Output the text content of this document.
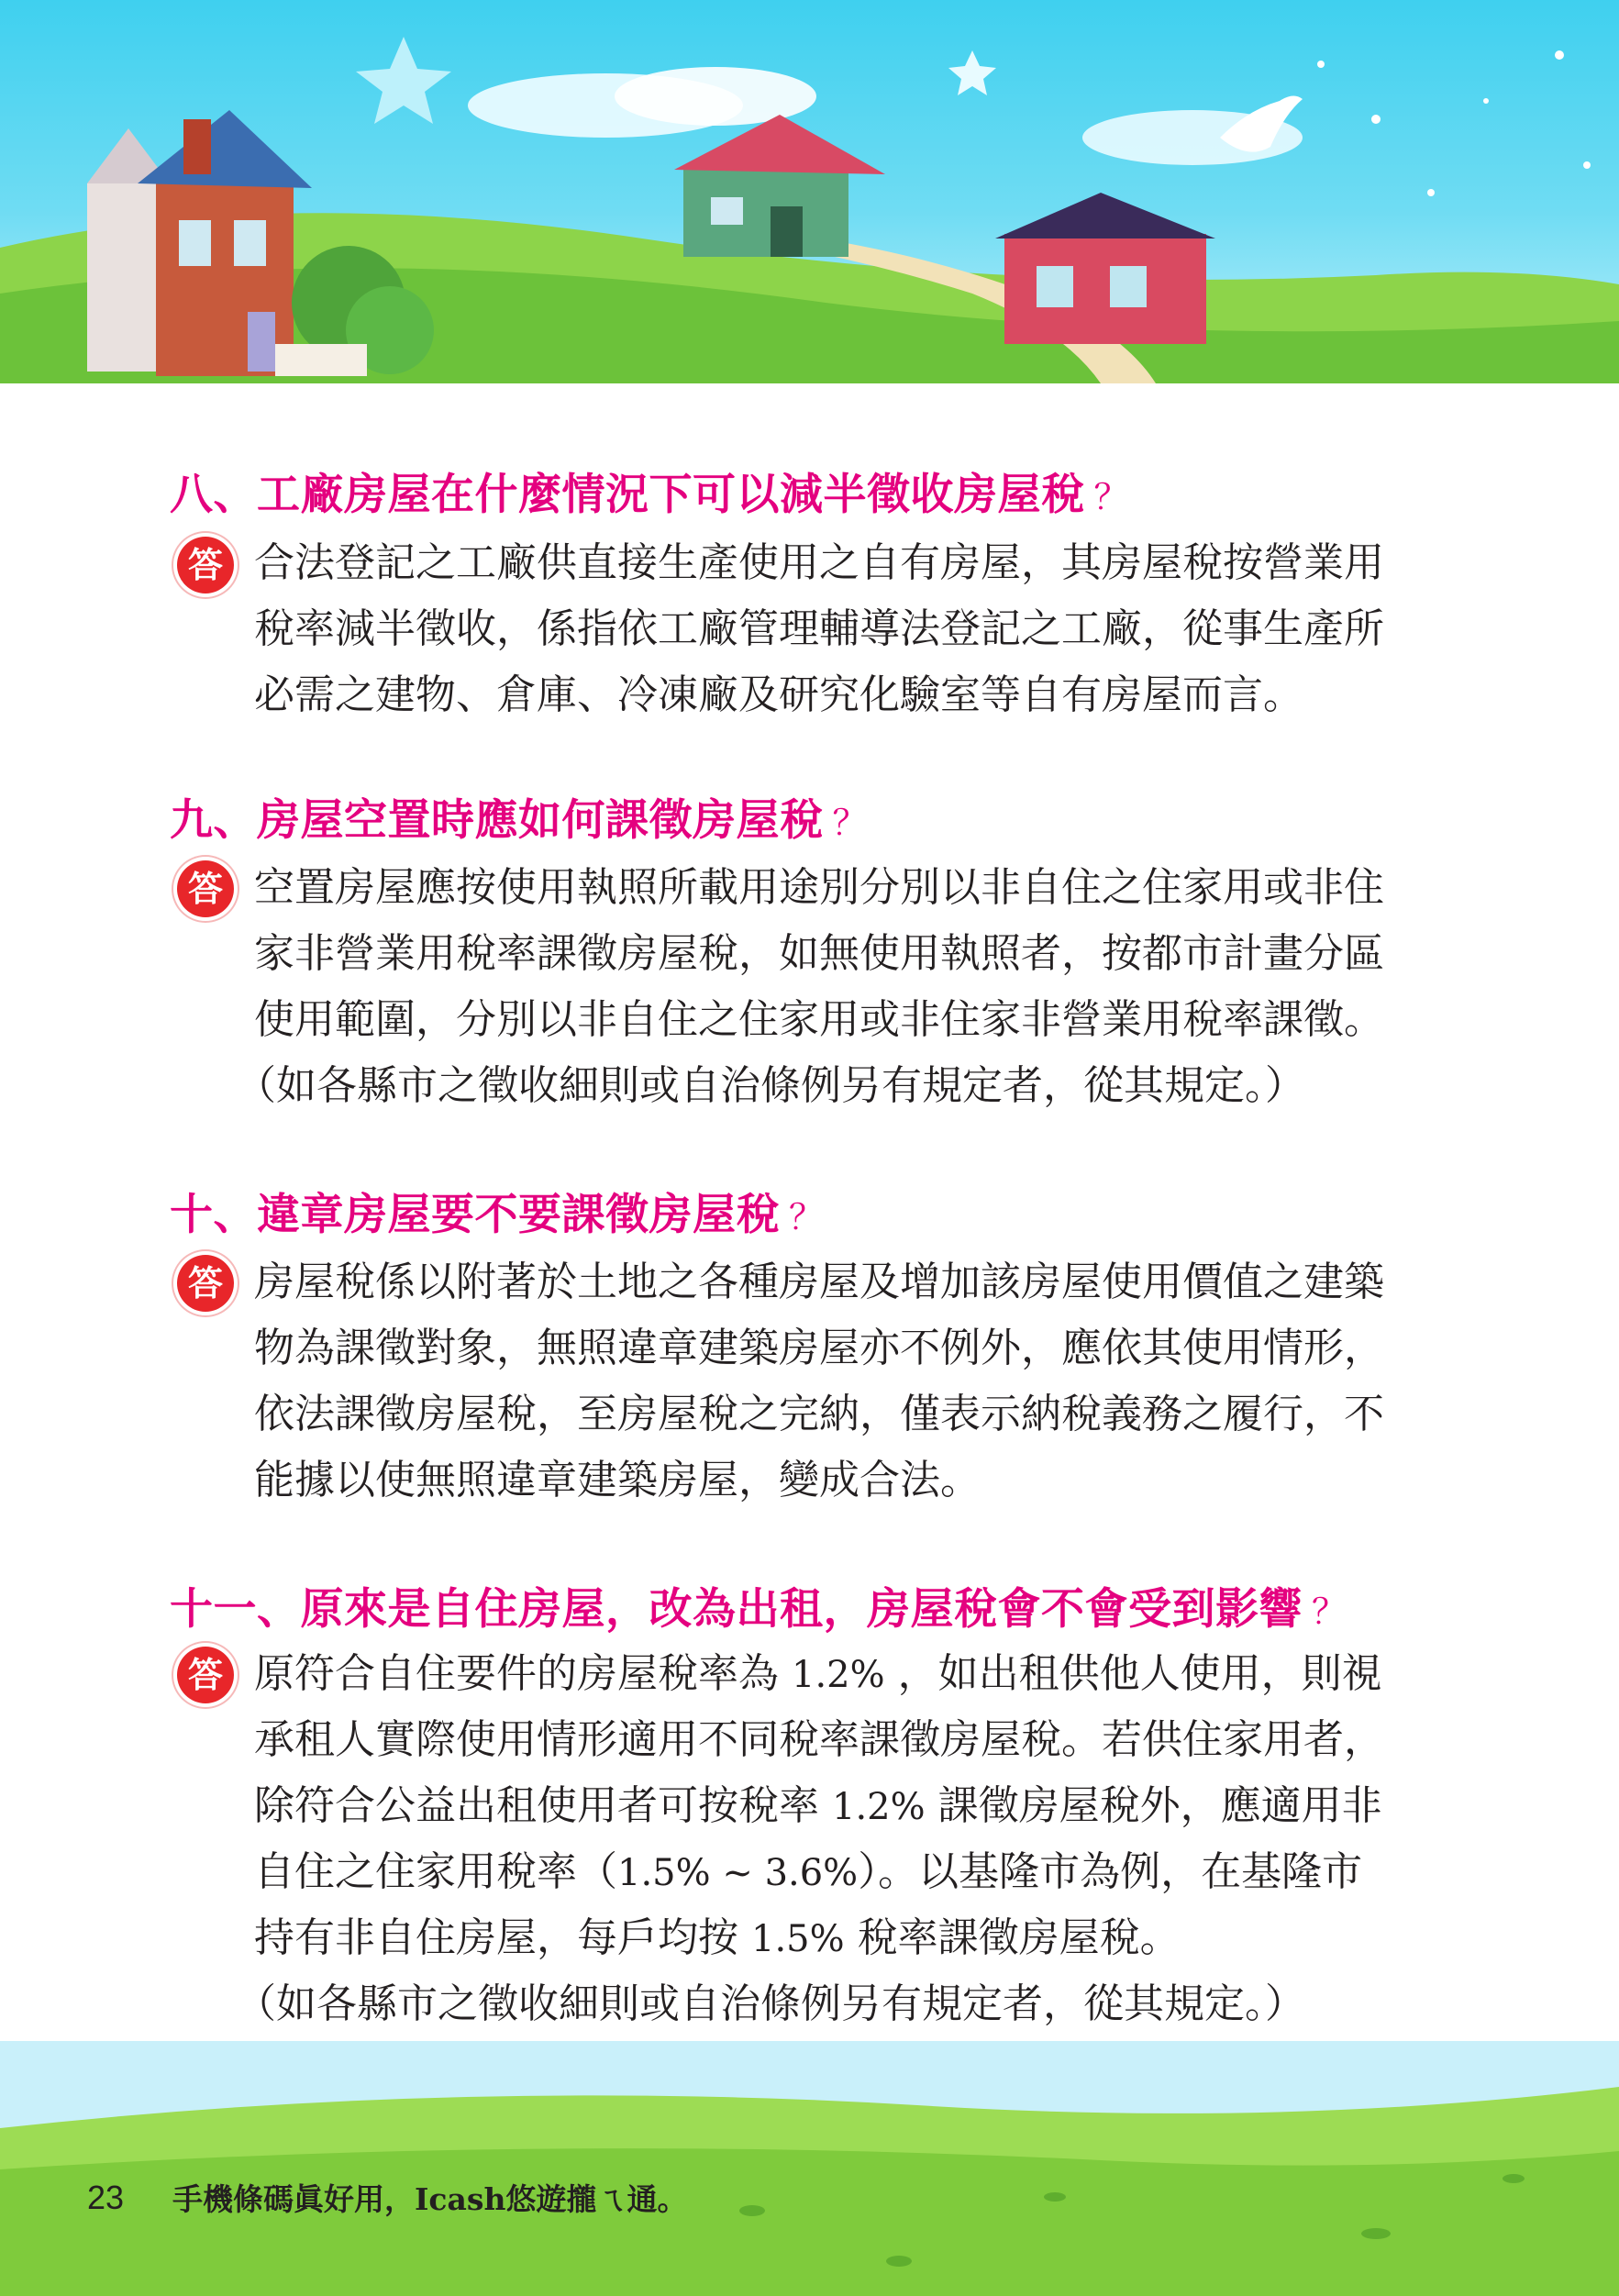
八、工廠房屋在什麼情況下可以減半徵收房屋稅 ？
答 合法登記之工廠供直接生產使用之自有房屋，其房屋稅按營業用
稅率減半徵收，係指依工廠管理輔導法登記之工廠，從事生產所
必需之建物、倉庫、冷凍廠及研究化驗室等自有房屋而言。
九、房屋空置時應如何課徵房屋稅 ？
答 空置房屋應按使用執照所載用途別分別以非自住之住家用或非住
家非營業用稅率課徵房屋稅，如無使用執照者，按都市計畫分區
使用範圍，分別以非自住之住家用或非住家非營業用稅率課徵。
（如各縣市之徵收細則或自治條例另有規定者，從其規定。）
十、違章房屋要不要課徵房屋稅 ？
答 房屋稅係以附著於土地之各種房屋及增加該房屋使用價值之建築
物為課徵對象，無照違章建築房屋亦不例外，應依其使用情形，
依法課徵房屋稅，至房屋稅之完納，僅表示納稅義務之履行，不
能據以使無照違章建築房屋，變成合法。
十一、原來是自住房屋，改為出租，房屋稅會不會受到影響 ？
答 原符合自住要件的房屋稅率為 1.2% ，如出租供他人使用，則視
承租人實際使用情形適用不同稅率課徵房屋稅。若供住家用者，
除符合公益出租使用者可按稅率 1.2% 課徵房屋稅外，應適用非
自住之住家用稅率（1.5% ~ 3.6%）。以基隆市為例，在基隆市
持有非自住房屋，每戶均按 1.5% 稅率課徵房屋稅。
（如各縣市之徵收細則或自治條例另有規定者，從其規定。）
23 手機條碼眞好用，Icash悠遊攏ㄟ通。
